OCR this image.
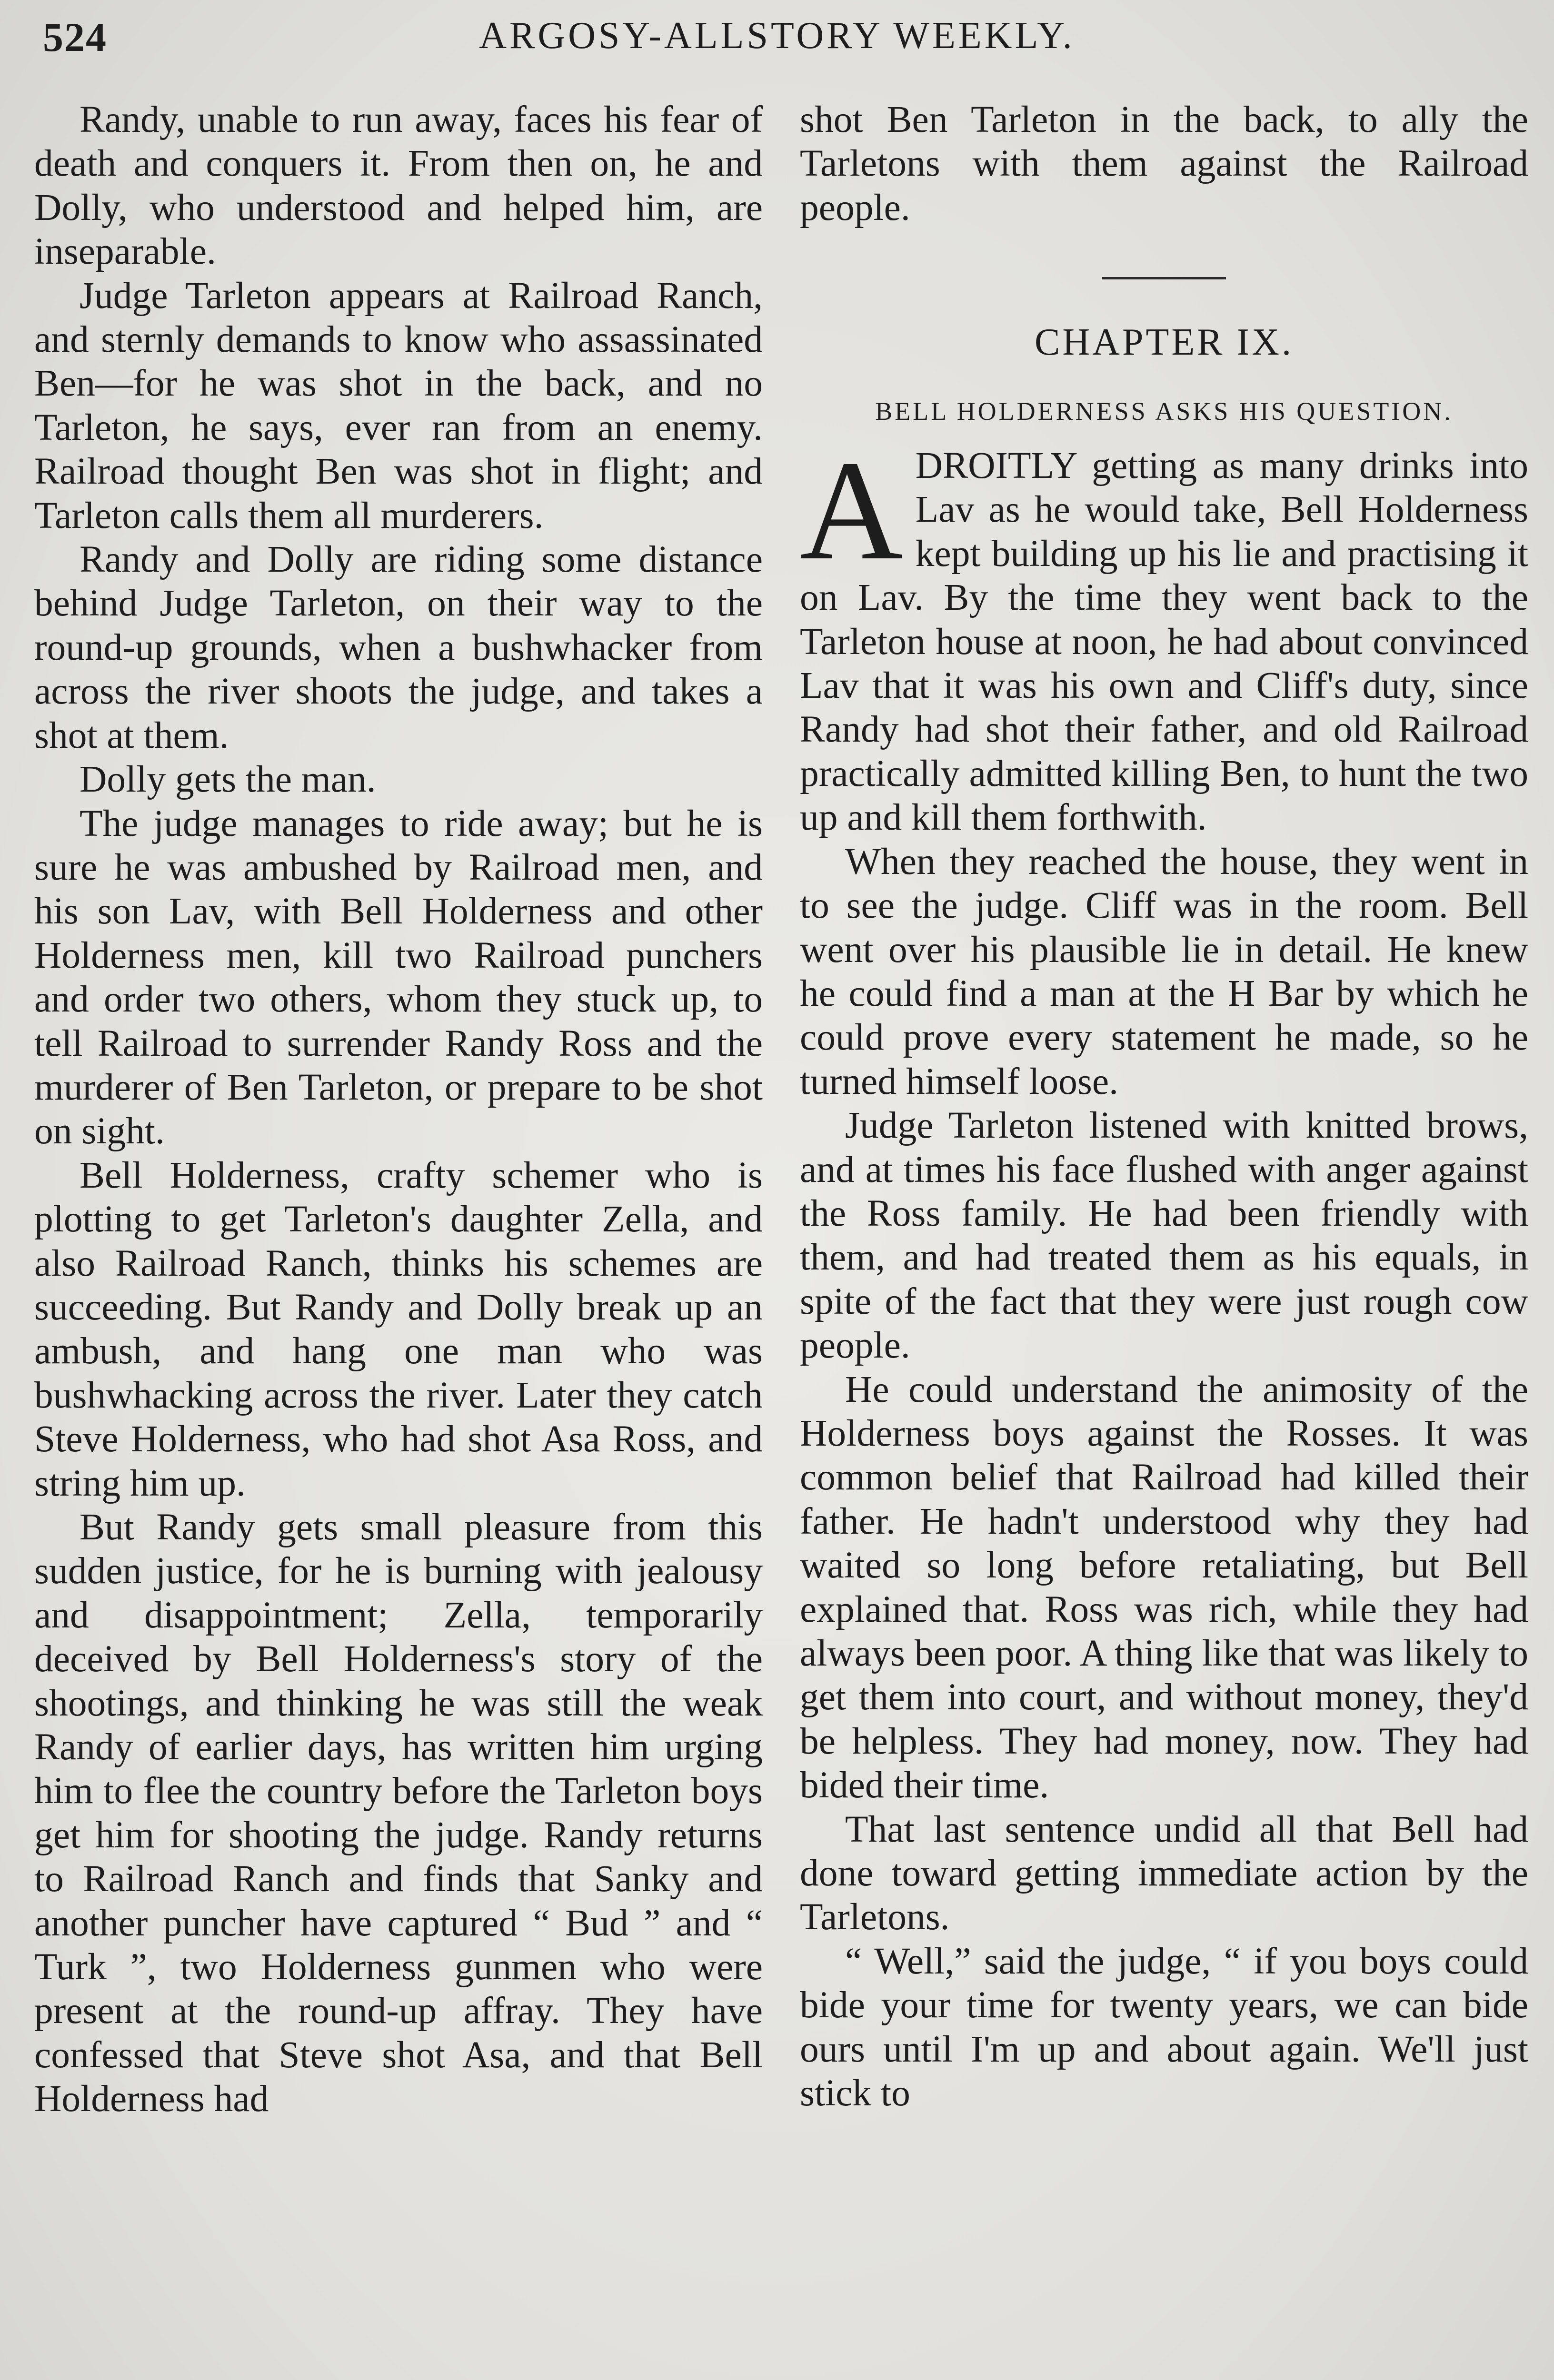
524	ARGOSY-ALLSTORY WEEKLY.

Randy, unable to run away, faces his fear of death and conquers it. From then on, he and Dolly, who understood and helped him, are inseparable.

Judge Tarleton appears at Railroad Ranch, and sternly demands to know who assassinated Ben—for he was shot in the back, and no Tarleton, he says, ever ran from an enemy. Railroad thought Ben was shot in flight; and Tarleton calls them all murderers.

Randy and Dolly are riding some distance behind Judge Tarleton, on their way to the round-up grounds, when a bushwhacker from across the river shoots the judge, and takes a shot at them.

Dolly gets the man.

The judge manages to ride away; but he is sure he was ambushed by Railroad men, and his son Lav, with Bell Holderness and other Holderness men, kill two Railroad punchers and order two others, whom they stuck up, to tell Railroad to surrender Randy Ross and the murderer of Ben Tarleton, or prepare to be shot on sight.

Bell Holderness, crafty schemer who is plotting to get Tarleton's daughter Zella, and also Railroad Ranch, thinks his schemes are succeeding. But Randy and Dolly break up an ambush, and hang one man who was bushwhacking across the river. Later they catch Steve Holderness, who had shot Asa Ross, and string him up.

But Randy gets small pleasure from this sudden justice, for he is burning with jealousy and disappointment; Zella, temporarily deceived by Bell Holderness's story of the shootings, and thinking he was still the weak Randy of earlier days, has written him urging him to flee the country before the Tarleton boys get him for shooting the judge. Randy returns to Railroad Ranch and finds that Sanky and another puncher have captured “ Bud ” and “ Turk ”, two Holderness gunmen who were present at the round-up affray. They have confessed that Steve shot Asa, and that Bell Holderness had

shot Ben Tarleton in the back, to ally the Tarletons with them against the Railroad people.

CHAPTER IX.
BELL HOLDERNESS ASKS HIS QUESTION.

ADROITLY getting as many drinks into Lav as he would take, Bell Holderness kept building up his lie and practising it on Lav. By the time they went back to the Tarleton house at noon, he had about convinced Lav that it was his own and Cliff's duty, since Randy had shot their father, and old Railroad practically admitted killing Ben, to hunt the two up and kill them forthwith.

When they reached the house, they went in to see the judge. Cliff was in the room. Bell went over his plausible lie in detail. He knew he could find a man at the H Bar by which he could prove every statement he made, so he turned himself loose.

Judge Tarleton listened with knitted brows, and at times his face flushed with anger against the Ross family. He had been friendly with them, and had treated them as his equals, in spite of the fact that they were just rough cow people.

He could understand the animosity of the Holderness boys against the Rosses. It was common belief that Railroad had killed their father. He hadn't understood why they had waited so long before retaliating, but Bell explained that. Ross was rich, while they had always been poor. A thing like that was likely to get them into court, and without money, they'd be helpless. They had money, now. They had bided their time.

That last sentence undid all that Bell had done toward getting immediate action by the Tarletons.

“ Well,” said the judge, “ if you boys could bide your time for twenty years, we can bide ours until I'm up and about again. We'll just stick to
